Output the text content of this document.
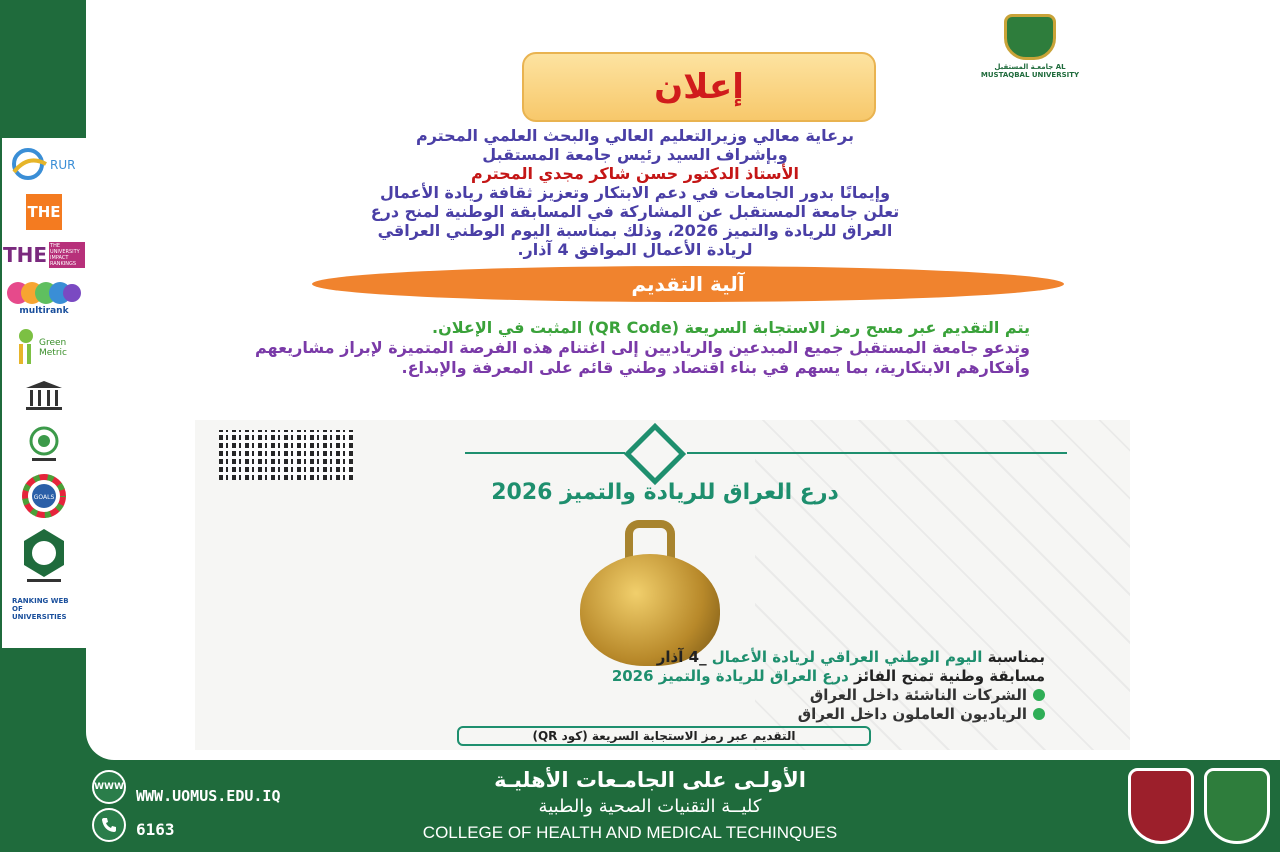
RUR
THE
THE THE UNIVERSITY IMPACT RANKINGS
multirank
Green Metric
GOALS
RANKING WEB OF UNIVERSITIES
جامعـة المستقبل AL MUSTAQBAL UNIVERSITY
إعلان

برعاية معالي وزيرالتعليم العالي والبحث العلمي المحترم

وبإشراف السيد رئيس جامعة المستقبل

الأستاذ الدكتور حسن شاكر مجدي المحترم

وإيمانًا بدور الجامعات في دعم الابتكار وتعزيز ثقافة ريادة الأعمال

تعلن جامعة المستقبل عن المشاركة في المسابقة الوطنية لمنح درع

العراق للريادة والتميز 2026، وذلك بمناسبة اليوم الوطني العراقي

لريادة الأعمال الموافق 4 آذار.

آلية التقديم

يتم التقديم عبر مسح رمز الاستجابة السريعة (QR Code) المثبت في الإعلان.

وتدعو جامعة المستقبل جميع المبدعين والرياديين إلى اغتنام هذه الفرصة المتميزة لإبراز مشاريعهم وأفكارهم الابتكارية، بما يسهم في بناء اقتصاد وطني قائم على المعرفة والإبداع.

درع العراق للريادة والتميز 2026

بمناسبة اليوم الوطني العراقي لريادة الأعمال _4 آذار

مسابقة وطنية تمنح الفائز درع العراق للريادة والتميز 2026

الشركات الناشئة داخل العراق

الرياديون العاملون داخل العراق

التقديم عبر رمز الاستجابة السريعة (كود QR)
WWW WWW.UOMUS.EDU.IQ
6163
الأولـى على الجامـعات الأهليـة
كليــة التقنيات الصحية والطبية
COLLEGE OF HEALTH AND MEDICAL TECHINQUES
